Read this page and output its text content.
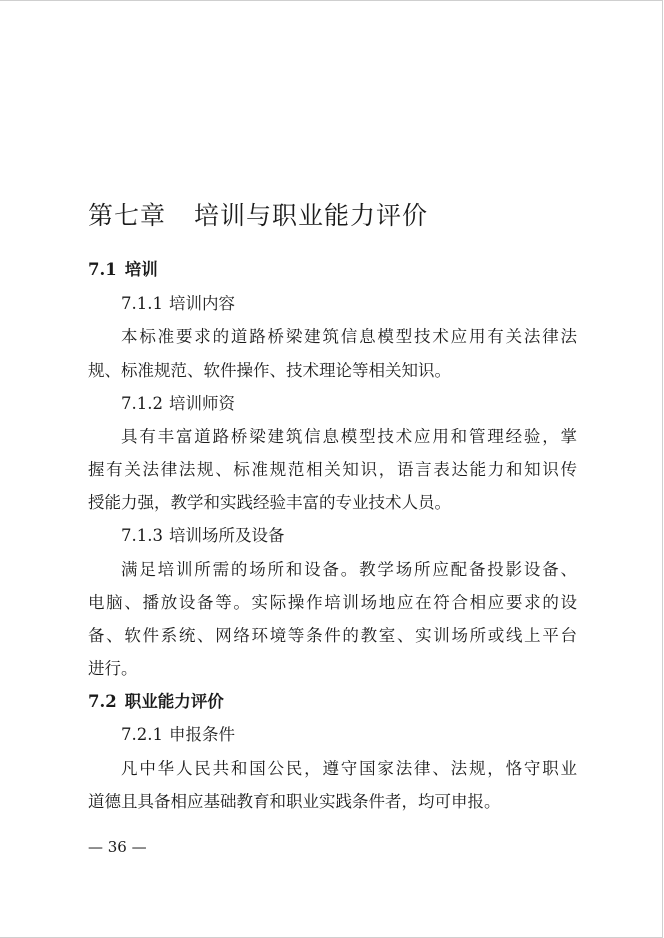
第七章 培训与职业能力评价
7.1 培训
7.1.1 培训内容
本标准要求的道路桥梁建筑信息模型技术应用有关法律法
规、标准规范、软件操作、技术理论等相关知识。
7.1.2 培训师资
具有丰富道路桥梁建筑信息模型技术应用和管理经验，掌
握有关法律法规、标准规范相关知识，语言表达能力和知识传
授能力强，教学和实践经验丰富的专业技术人员。
7.1.3 培训场所及设备
满足培训所需的场所和设备。教学场所应配备投影设备、
电脑、播放设备等。实际操作培训场地应在符合相应要求的设
备、软件系统、网络环境等条件的教室、实训场所或线上平台
进行。
7.2 职业能力评价
7.2.1 申报条件
凡中华人民共和国公民，遵守国家法律、法规，恪守职业
道德且具备相应基础教育和职业实践条件者，均可申报。
— 36 —
